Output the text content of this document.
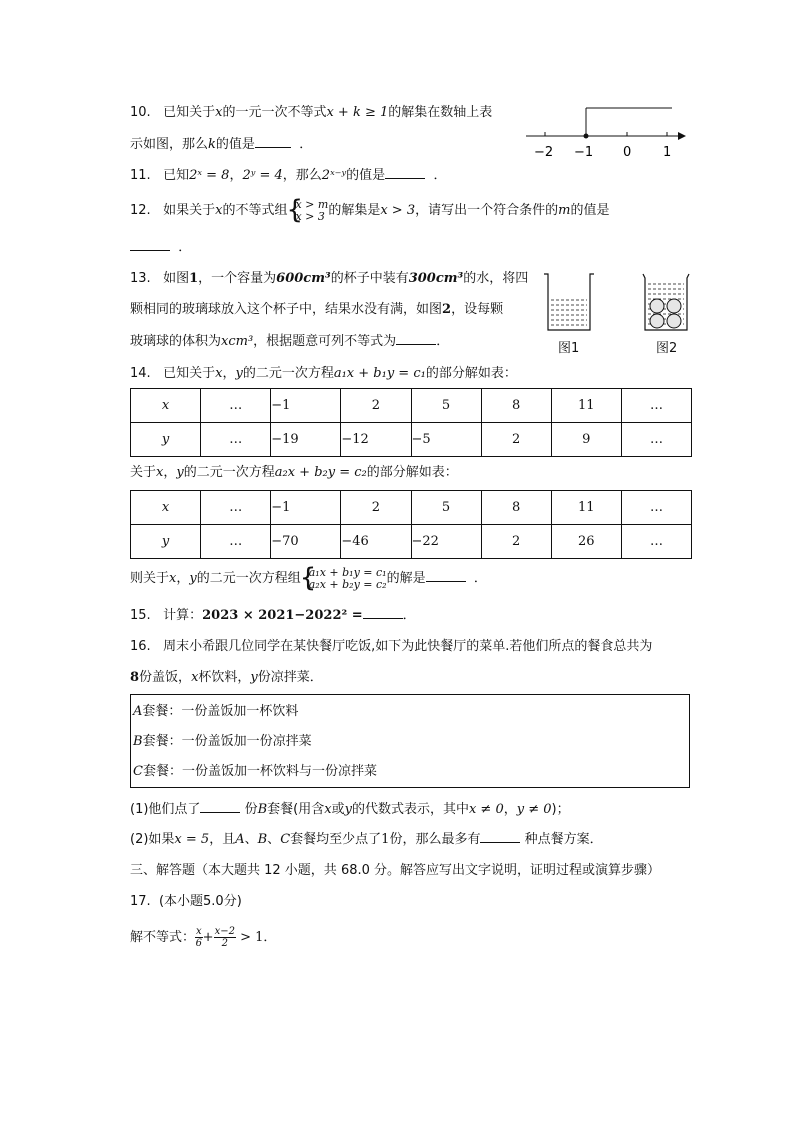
10. 已知关于x的一元一次不等式x + k ≥ 1的解集在数轴上表
示如图，那么k的值是	．
−2 −1 0 1
11. 已知2ˣ = 8，2ʸ = 4，那么2ˣ⁻ʸ的值是	．
12. 如果关于x的不等式组 { x > m
x > 3 的解集是x > 3，请写出一个符合条件的m的值是
．
13. 如图1，一个容量为600cm³的杯子中装有300cm³的水，将四
颗相同的玻璃球放入这个杯子中，结果水没有满，如图2，设每颗
玻璃球的体积为xcm³，根据题意可列不等式为	．	图1	图2
14. 已知关于x，y的二元一次方程a₁x + b₁y = c₁的部分解如表：
x	…	−1	2	5	8	11	…
y	…	−19	−12	−5	2	9	…
关于x，y的二元一次方程a₂x + b₂y = c₂的部分解如表：
x	…	−1	2	5	8	11	…
y	…	−70	−46	−22	2	26	…
则关于x，y的二元一次方程组 { a₁x + b₁y = c₁
a₂x + b₂y = c₂ 的解是	．
15. 计算：2023 × 2021−2022² =	．
16. 周末小希跟几位同学在某快餐厅吃饭,如下为此快餐厅的菜单.若他们所点的餐食总共为
8份盖饭，x杯饮料，y份凉拌菜．
A套餐：一份盖饭加一杯饮料
B套餐：一份盖饭加一份凉拌菜
C套餐：一份盖饭加一杯饮料与一份凉拌菜
(1)他们点了	份B套餐(用含x或y的代数式表示，其中x ≠ 0，y ≠ 0)；
(2)如果x = 5，且A、B、C套餐均至少点了1份，那么最多有	种点餐方案．
三、解答题（本大题共 12 小题，共 68.0 分。解答应写出文字说明，证明过程或演算步骤）
17. (本小题5.0分)
解不等式： $\frac{x}{6} + \frac{x-2}{2} > 1$．
